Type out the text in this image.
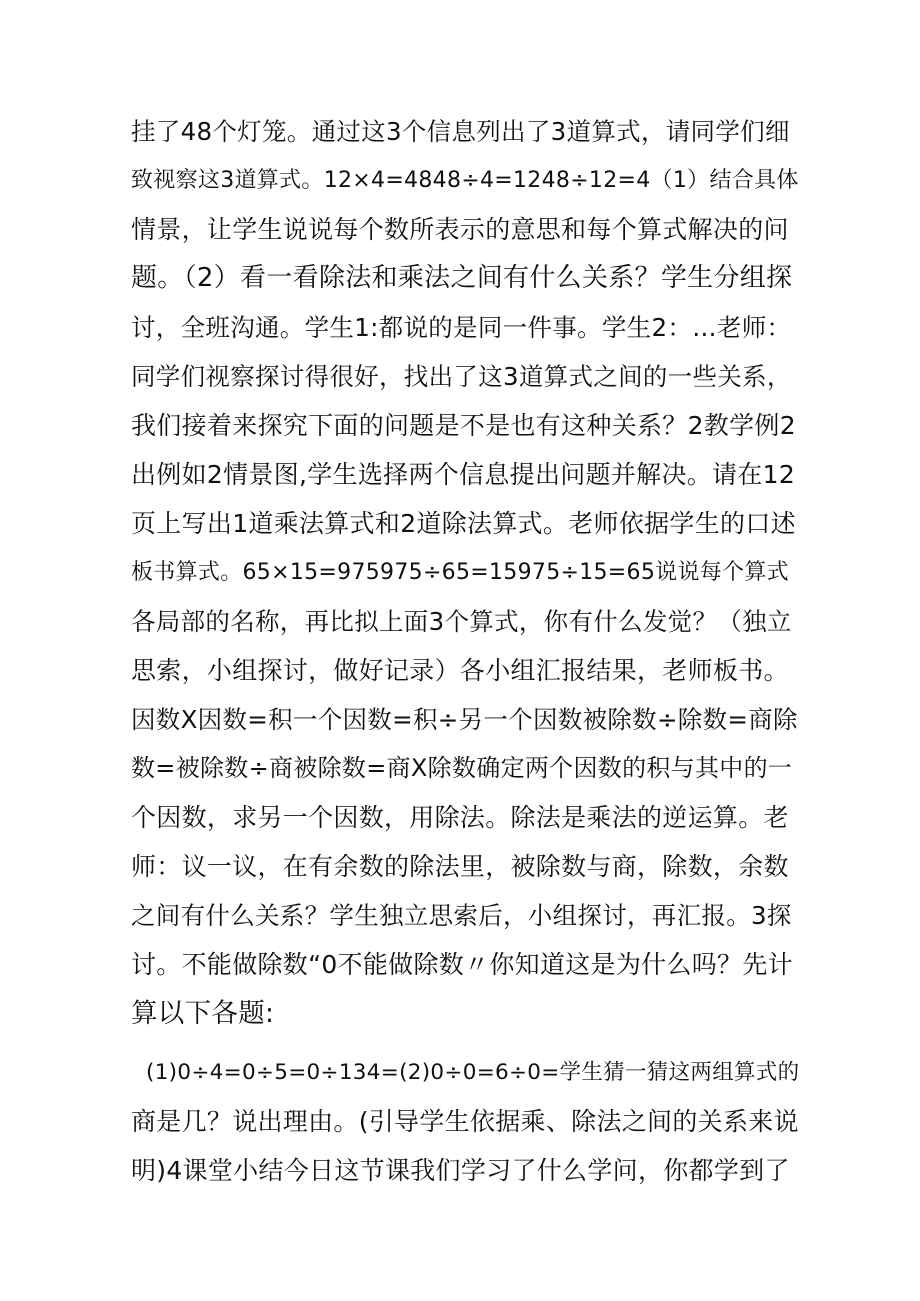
挂了48个灯笼。通过这3个信息列出了3道算式，请同学们细
致视察这3道算式。12×4=4848÷4=1248÷12=4（1）结合具体
情景，让学生说说每个数所表示的意思和每个算式解决的问
题。（2）看一看除法和乘法之间有什么关系？学生分组探
讨，全班沟通。学生1:都说的是同一件事。学生2：…老师：
同学们视察探讨得很好，找出了这3道算式之间的一些关系，
我们接着来探究下面的问题是不是也有这种关系？2教学例2
出例如2情景图,学生选择两个信息提出问题并解决。请在12
页上写出1道乘法算式和2道除法算式。老师依据学生的口述
板书算式。65×15=975975÷65=15975÷15=65说说每个算式
各局部的名称，再比拟上面3个算式，你有什么发觉？（独立
思索，小组探讨，做好记录）各小组汇报结果，老师板书。
因数X因数=积一个因数=积÷另一个因数被除数÷除数=商除
数=被除数÷商被除数=商X除数确定两个因数的积与其中的一
个因数，求另一个因数，用除法。除法是乘法的逆运算。老
师：议一议，在有余数的除法里，被除数与商，除数，余数
之间有什么关系？学生独立思索后，小组探讨，再汇报。3探
讨。不能做除数“0不能做除数〃你知道这是为什么吗？先计
算以下各题:
(1)0÷4=0÷5=0÷134=(2)0÷0=6÷0=学生猜一猜这两组算式的
商是几？说出理由。(引导学生依据乘、除法之间的关系来说
明)4课堂小结今日这节课我们学习了什么学问，你都学到了
